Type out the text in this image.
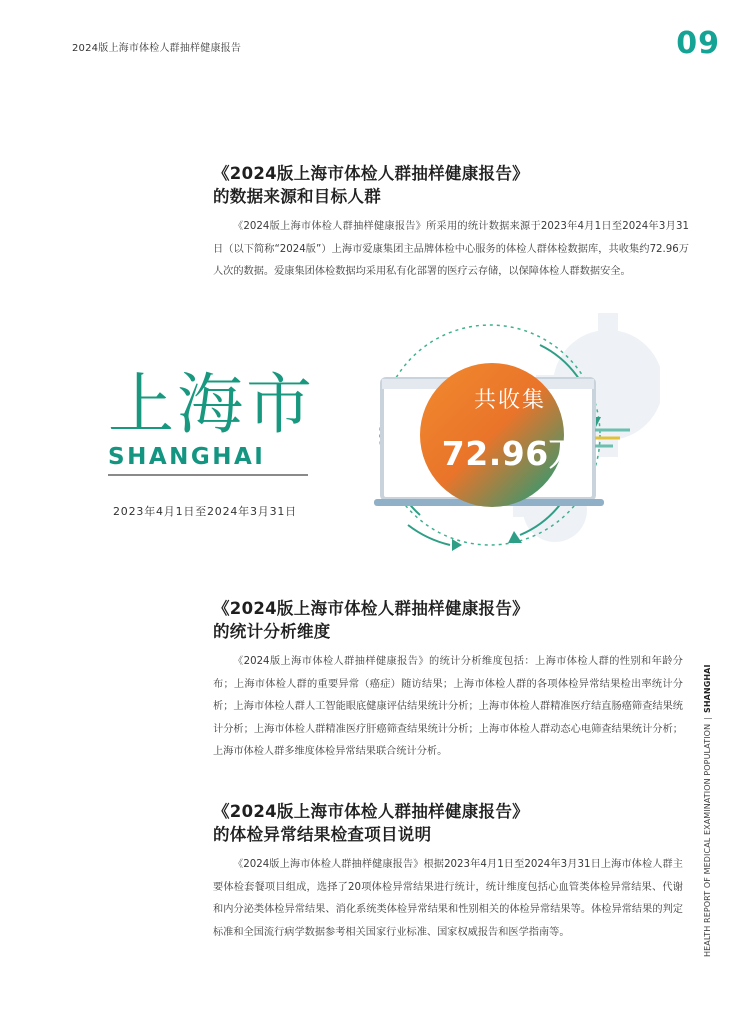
2024版上海市体检人群抽样健康报告	09
《2024版上海市体检人群抽样健康报告》
的数据来源和目标人群

《2024版上海市体检人群抽样健康报告》所采用的统计数据来源于2023年4月1日至2024年3月31日（以下简称“2024版”）上海市爱康集团主品牌体检中心服务的体检人群体检数据库，共收集约72.96万人次的数据。爱康集团体检数据均采用私有化部署的医疗云存储，以保障体检人群数据安全。

上海市
SHANGHAI
2023年4月1日至2024年3月31日
共收集
72.96万
《2024版上海市体检人群抽样健康报告》
的统计分析维度

《2024版上海市体检人群抽样健康报告》的统计分析维度包括：上海市体检人群的性别和年龄分布；上海市体检人群的重要异常（癌症）随访结果；上海市体检人群的各项体检异常结果检出率统计分析；上海市体检人群人工智能眼底健康评估结果统计分析；上海市体检人群精准医疗结直肠癌筛查结果统计分析；上海市体检人群精准医疗肝癌筛查结果统计分析；上海市体检人群动态心电筛查结果统计分析；上海市体检人群多维度体检异常结果联合统计分析。

《2024版上海市体检人群抽样健康报告》
的体检异常结果检查项目说明

《2024版上海市体检人群抽样健康报告》根据2023年4月1日至2024年3月31日上海市体检人群主要体检套餐项目组成，选择了20项体检异常结果进行统计，统计维度包括心血管类体检异常结果、代谢和内分泌类体检异常结果、消化系统类体检异常结果和性别相关的体检异常结果等。体检异常结果的判定标准和全国流行病学数据参考相关国家行业标准、国家权威报告和医学指南等。	HEALTH REPORT OF MEDICAL EXAMINATION POPULATION|SHANGHAI
